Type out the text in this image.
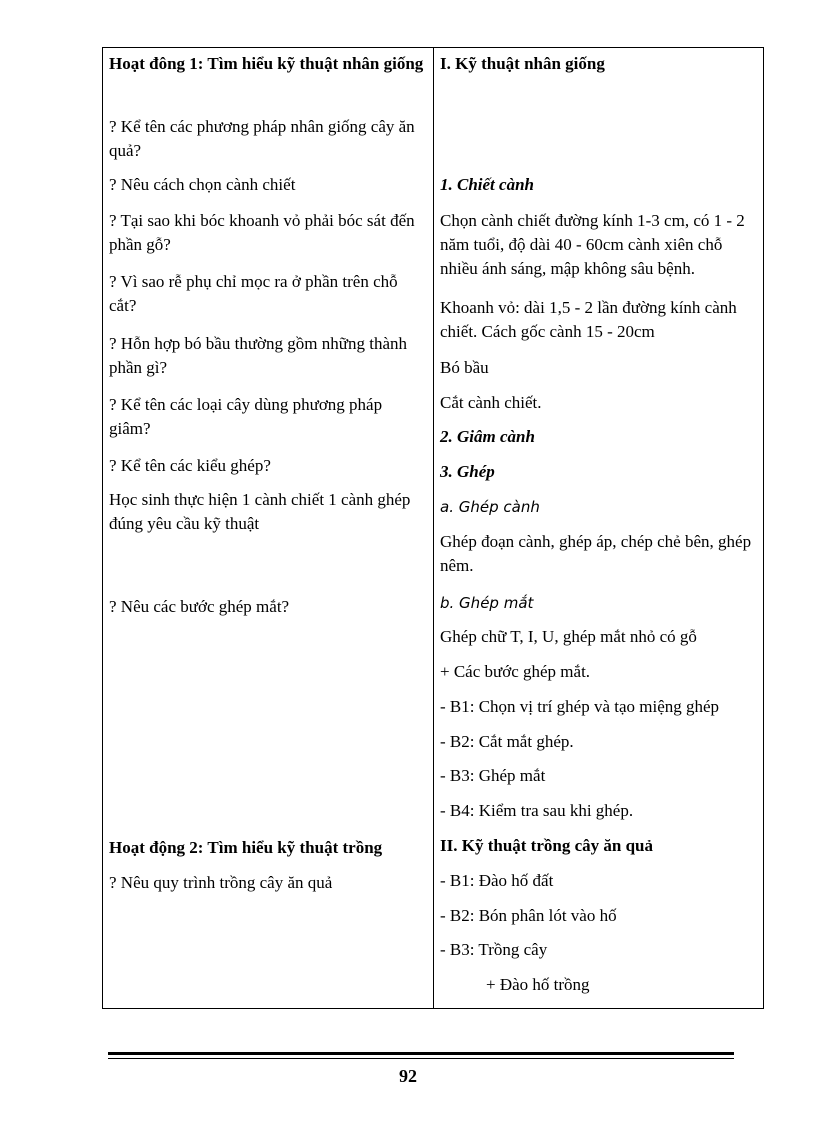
Hoạt đông 1: Tìm hiểu kỹ thuật nhân giống

? Kể tên các phương pháp nhân giống cây ăn quả?

? Nêu cách chọn cành chiết

? Tại sao khi bóc khoanh vỏ phải bóc sát đến phần gỗ?

? Vì sao rễ phụ chỉ mọc ra ở phần trên chỗ cắt?

? Hỗn hợp bó bầu thường gồm những thành phần gì?

? Kể tên các loại cây dùng phương pháp giâm?

? Kể tên các kiểu ghép?

Học sinh thực hiện 1 cành chiết 1 cành ghép đúng yêu cầu kỹ thuật

? Nêu các bước ghép mắt?

Hoạt động 2: Tìm hiểu kỹ thuật trồng

? Nêu quy trình trồng cây ăn quả

I. Kỹ thuật nhân giống

1. Chiết cành

Chọn cành chiết đường kính 1-3 cm, có 1 - 2 năm tuổi, độ dài 40 - 60cm cành xiên chỗ nhiều ánh sáng, mập không sâu bệnh.

Khoanh vỏ: dài 1,5 - 2 lần đường kính cành chiết. Cách gốc cành 15 - 20cm

Bó bầu

Cắt cành chiết.

2. Giâm cành

3. Ghép

a. Ghép cành

Ghép đoạn cành, ghép áp, chép chẻ bên, ghép nêm.

b. Ghép mắt

Ghép chữ T, I, U, ghép mắt nhỏ có gỗ

+ Các bước ghép mắt.

- B1: Chọn vị trí ghép và tạo miệng ghép

- B2: Cắt mắt ghép.

- B3: Ghép mắt

- B4: Kiểm tra sau khi ghép.

II. Kỹ thuật trồng cây ăn quả

- B1: Đào hố đất

- B2: Bón phân lót vào hố

- B3: Trồng cây

+ Đào hố trồng

92
